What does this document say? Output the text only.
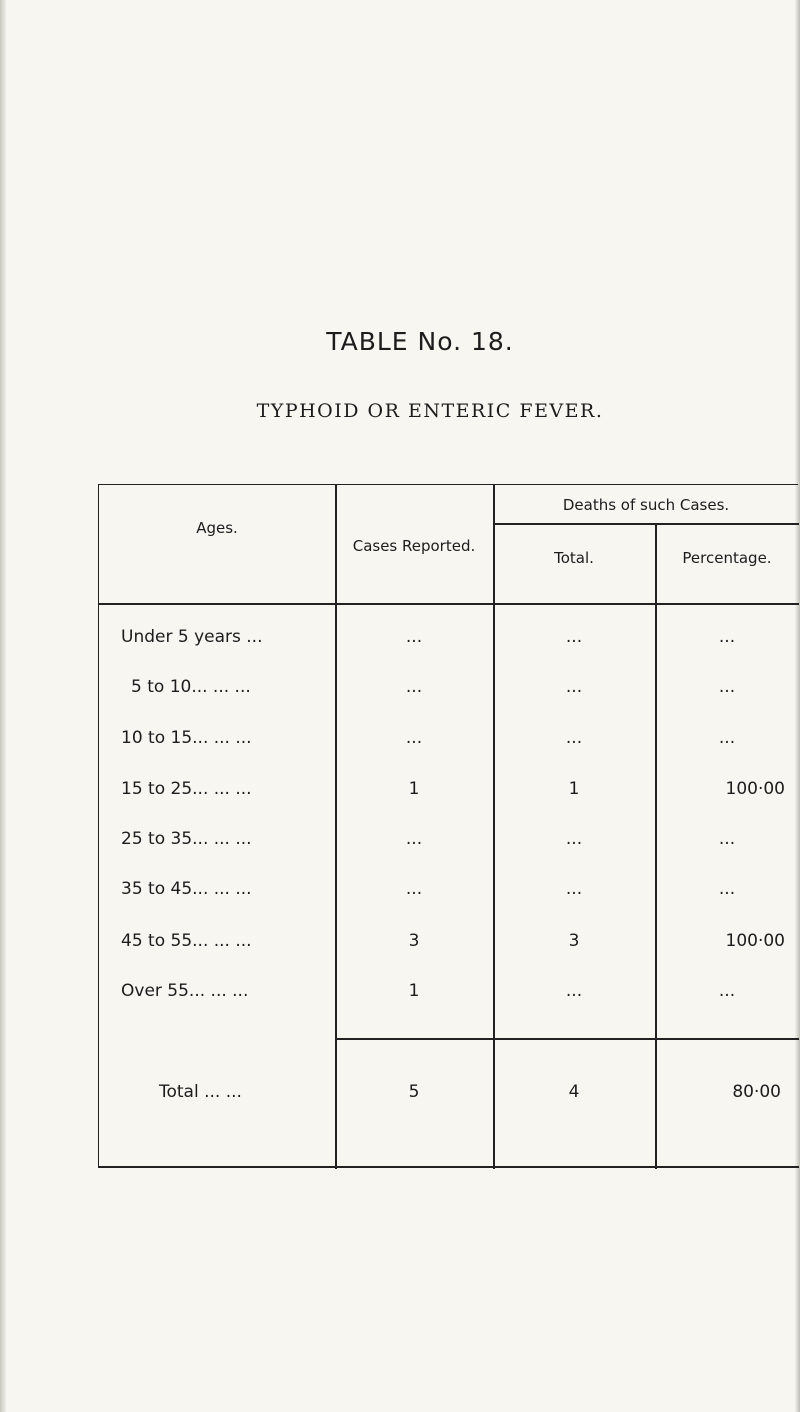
TABLE No. 18.
TYPHOID OR ENTERIC FEVER.
Ages.
Cases Reported.
Deaths of such Cases.
Total.	Percentage.
Under 5 years ...	...	...	...
5 to 10... ... ...	...	...	...
10 to 15... ... ...	...	...	...
15 to 25... ... ...	1	1	100·00
25 to 35... ... ...	...	...	...
35 to 45... ... ...	...	...	...
45 to 55... ... ...	3	3	100·00
Over 55... ... ...	1	...	...
Total ... ...	5	4	80·00
